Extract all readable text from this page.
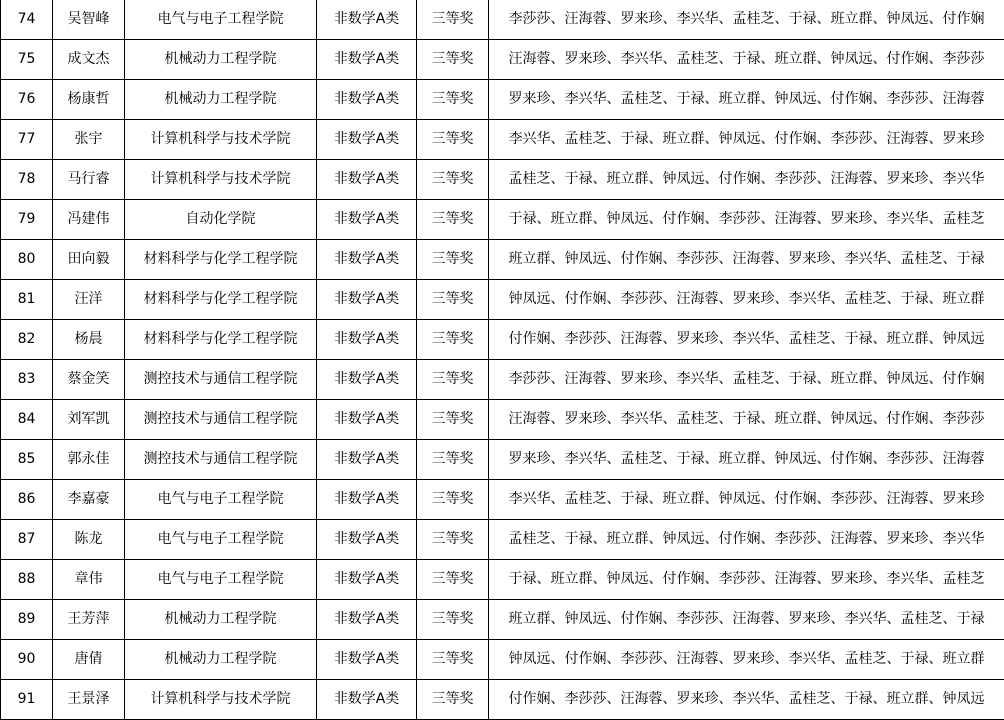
74	吴智峰	电气与电子工程学院	非数学A类	三等奖	李莎莎、汪海蓉、罗来珍、李兴华、孟桂芝、于禄、班立群、钟凤远、付作娴
75	成文杰	机械动力工程学院	非数学A类	三等奖	汪海蓉、罗来珍、李兴华、孟桂芝、于禄、班立群、钟凤远、付作娴、李莎莎
76	杨康哲	机械动力工程学院	非数学A类	三等奖	罗来珍、李兴华、孟桂芝、于禄、班立群、钟凤远、付作娴、李莎莎、汪海蓉
77	张宇	计算机科学与技术学院	非数学A类	三等奖	李兴华、孟桂芝、于禄、班立群、钟凤远、付作娴、李莎莎、汪海蓉、罗来珍
78	马行睿	计算机科学与技术学院	非数学A类	三等奖	孟桂芝、于禄、班立群、钟凤远、付作娴、李莎莎、汪海蓉、罗来珍、李兴华
79	冯建伟	自动化学院	非数学A类	三等奖	于禄、班立群、钟凤远、付作娴、李莎莎、汪海蓉、罗来珍、李兴华、孟桂芝
80	田向毅	材料科学与化学工程学院	非数学A类	三等奖	班立群、钟凤远、付作娴、李莎莎、汪海蓉、罗来珍、李兴华、孟桂芝、于禄
81	汪洋	材料科学与化学工程学院	非数学A类	三等奖	钟凤远、付作娴、李莎莎、汪海蓉、罗来珍、李兴华、孟桂芝、于禄、班立群
82	杨晨	材料科学与化学工程学院	非数学A类	三等奖	付作娴、李莎莎、汪海蓉、罗来珍、李兴华、孟桂芝、于禄、班立群、钟凤远
83	蔡金笑	测控技术与通信工程学院	非数学A类	三等奖	李莎莎、汪海蓉、罗来珍、李兴华、孟桂芝、于禄、班立群、钟凤远、付作娴
84	刘军凯	测控技术与通信工程学院	非数学A类	三等奖	汪海蓉、罗来珍、李兴华、孟桂芝、于禄、班立群、钟凤远、付作娴、李莎莎
85	郭永佳	测控技术与通信工程学院	非数学A类	三等奖	罗来珍、李兴华、孟桂芝、于禄、班立群、钟凤远、付作娴、李莎莎、汪海蓉
86	李嘉豪	电气与电子工程学院	非数学A类	三等奖	李兴华、孟桂芝、于禄、班立群、钟凤远、付作娴、李莎莎、汪海蓉、罗来珍
87	陈龙	电气与电子工程学院	非数学A类	三等奖	孟桂芝、于禄、班立群、钟凤远、付作娴、李莎莎、汪海蓉、罗来珍、李兴华
88	章伟	电气与电子工程学院	非数学A类	三等奖	于禄、班立群、钟凤远、付作娴、李莎莎、汪海蓉、罗来珍、李兴华、孟桂芝
89	王芳萍	机械动力工程学院	非数学A类	三等奖	班立群、钟凤远、付作娴、李莎莎、汪海蓉、罗来珍、李兴华、孟桂芝、于禄
90	唐倩	机械动力工程学院	非数学A类	三等奖	钟凤远、付作娴、李莎莎、汪海蓉、罗来珍、李兴华、孟桂芝、于禄、班立群
91	王景泽	计算机科学与技术学院	非数学A类	三等奖	付作娴、李莎莎、汪海蓉、罗来珍、李兴华、孟桂芝、于禄、班立群、钟凤远
